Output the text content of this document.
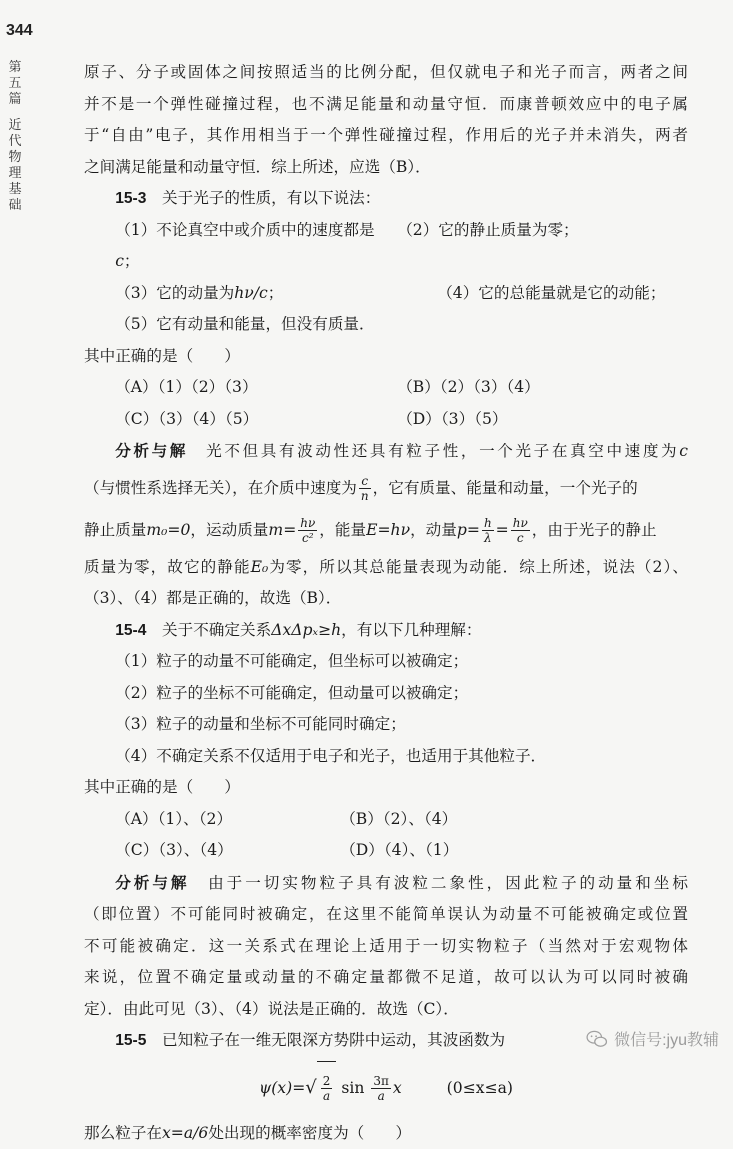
344
第五篇
近代物理基础

原子、分子或固体之间按照适当的比例分配，但仅就电子和光子而言，两者之间

并不是一个弹性碰撞过程，也不满足能量和动量守恒．而康普顿效应中的电子属

于“自由”电子，其作用相当于一个弹性碰撞过程，作用后的光子并未消失，两者

之间满足能量和动量守恒．综上所述，应选（B）．

15-3　 关于光子的性质，有以下说法：

（1）不论真空中或介质中的速度都是c；
（2）它的静止质量为零；
（3）它的动量为hν/c；	（4）它的总能量就是它的动能；

（5）它有动量和能量，但没有质量．

其中正确的是（　　）

（A）（1）（2）（3）	（B）（2）（3）（4）
（C）（3）（4）（5）	（D）（3）（5）

分析与解　 光不但具有波动性还具有粒子性，一个光子在真空中速度为c

（与惯性系选择无关），在介质中速度为 $\frac{c}{n}$ ，它有质量、能量和动量，一个光子的

静止质量m₀=0，运动质量$m= \frac{h\nu}{\text{c²}}$ ，能量E=hν，动量$p= \frac{h}{\lambda} = \frac{h\nu}{c}$ ，由于光子的静止

质量为零，故它的静能E₀为零，所以其总能量表现为动能．综上所述，说法（2）、

（3）、（4）都是正确的，故选（B）．

15-4　 关于不确定关系ΔxΔpₓ≥h，有以下几种理解：

（1）粒子的动量不可能确定，但坐标可以被确定；

（2）粒子的坐标不可能确定，但动量可以被确定；

（3）粒子的动量和坐标不可能同时确定；

（4）不确定关系不仅适用于电子和光子，也适用于其他粒子．

其中正确的是（　　）

（A）（1）、（2）	（B）（2）、（4）
（C）（3）、（4）	（D）（4）、（1）

分析与解　 由于一切实物粒子具有波粒二象性，因此粒子的动量和坐标

（即位置）不可能同时被确定，在这里不能简单误认为动量不可能被确定或位置

不可能被确定．这一关系式在理论上适用于一切实物粒子（当然对于宏观物体

来说，位置不确定量或动量的不确定量都微不足道，故可以认为可以同时被确

定）．由此可见（3）、（4）说法是正确的．故选（C）．

15-5　 已知粒子在一维无限深方势阱中运动，其波函数为

$\psi(x)=√ \frac{2}{a}$ $\sin \frac{3\pi}{a}$ x	(0≤x≤a)

那么粒子在x=a/6处出现的概率密度为（　　）

微信号:jyu教辅
